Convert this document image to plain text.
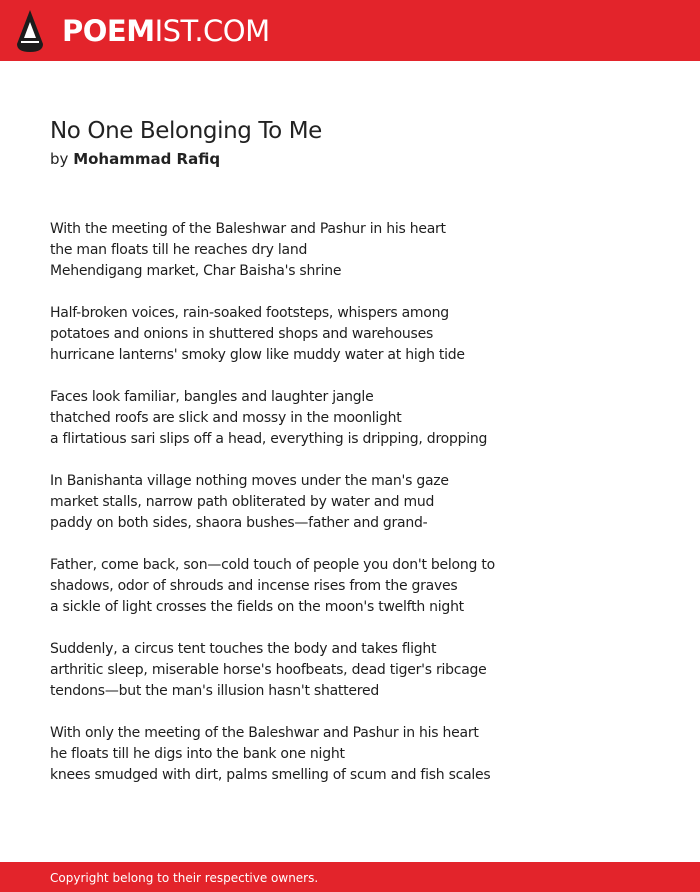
POEMIST.COM
No One Belonging To Me
by Mohammad Rafiq
With the meeting of the Baleshwar and Pashur in his heart
the man floats till he reaches dry land
Mehendigang market, Char Baisha's shrine
Half-broken voices, rain-soaked footsteps, whispers among
potatoes and onions in shuttered shops and warehouses
hurricane lanterns' smoky glow like muddy water at high tide
Faces look familiar, bangles and laughter jangle
thatched roofs are slick and mossy in the moonlight
a flirtatious sari slips off a head, everything is dripping, dropping
In Banishanta village nothing moves under the man's gaze
market stalls, narrow path obliterated by water and mud
paddy on both sides, shaora bushes—father and grand-
Father, come back, son—cold touch of people you don't belong to
shadows, odor of shrouds and incense rises from the graves
a sickle of light crosses the fields on the moon's twelfth night
Suddenly, a circus tent touches the body and takes flight
arthritic sleep, miserable horse's hoofbeats, dead tiger's ribcage
tendons—but the man's illusion hasn't shattered
With only the meeting of the Baleshwar and Pashur in his heart
he floats till he digs into the bank one night
knees smudged with dirt, palms smelling of scum and fish scales
Copyright belong to their respective owners.
